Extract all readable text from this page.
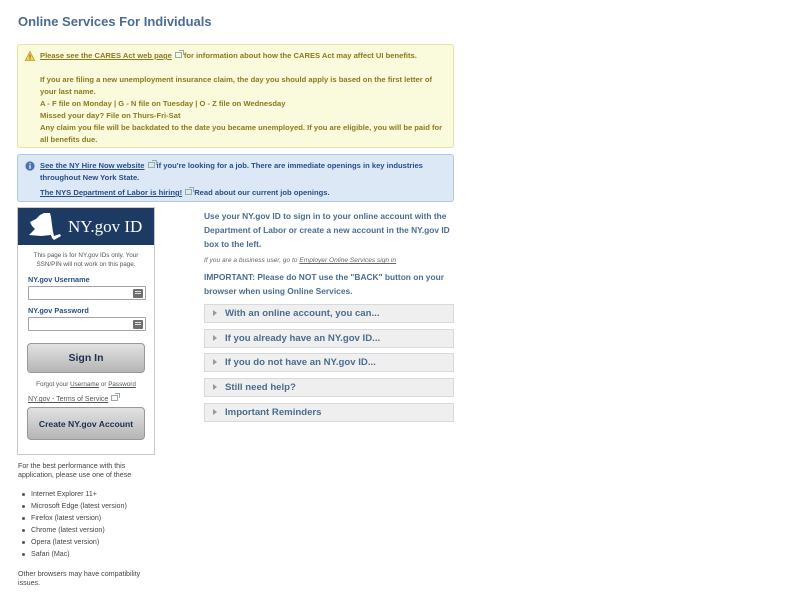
Online Services For Individuals

Please see the CARES Act web page for information about how the CARES Act may affect UI benefits.

If you are filing a new unemployment insurance claim, the day you should apply is based on the first letter of your last name.

A - F file on Monday | G - N file on Tuesday | O - Z file on Wednesday

Missed your day? File on Thurs-Fri-Sat

Any claim you file will be backdated to the date you became unemployed. If you are eligible, you will be paid for all benefits due.

See the NY Hire Now website if you're looking for a job. There are immediate openings in key industries throughout New York State.

The NYS Department of Labor is hiring! Read about our current job openings.

NY.gov ID
This page is for NY.gov IDs only. Your SSN/PIN will not work on this page.
NY.gov Username
NY.gov Password
Sign In
Forgot your Username or Password
NY.gov - Terms of Service
Create NY.gov Account
For the best performance with this application, please use one of these
Internet Explorer 11+
Microsoft Edge (latest version)
Firefox (latest version)
Chrome (latest version)
Opera (latest version)
Safari (Mac)
Other browsers may have compatibility issues.
Use your NY.gov ID to sign in to your online account with the Department of Labor or create a new account in the NY.gov ID box to the left.
If you are a business user, go to Employer Online Services sign in
IMPORTANT: Please do NOT use the "BACK" button on your browser when using Online Services.
With an online account, you can...
If you already have an NY.gov ID...
If you do not have an NY.gov ID...
Still need help?
Important Reminders
